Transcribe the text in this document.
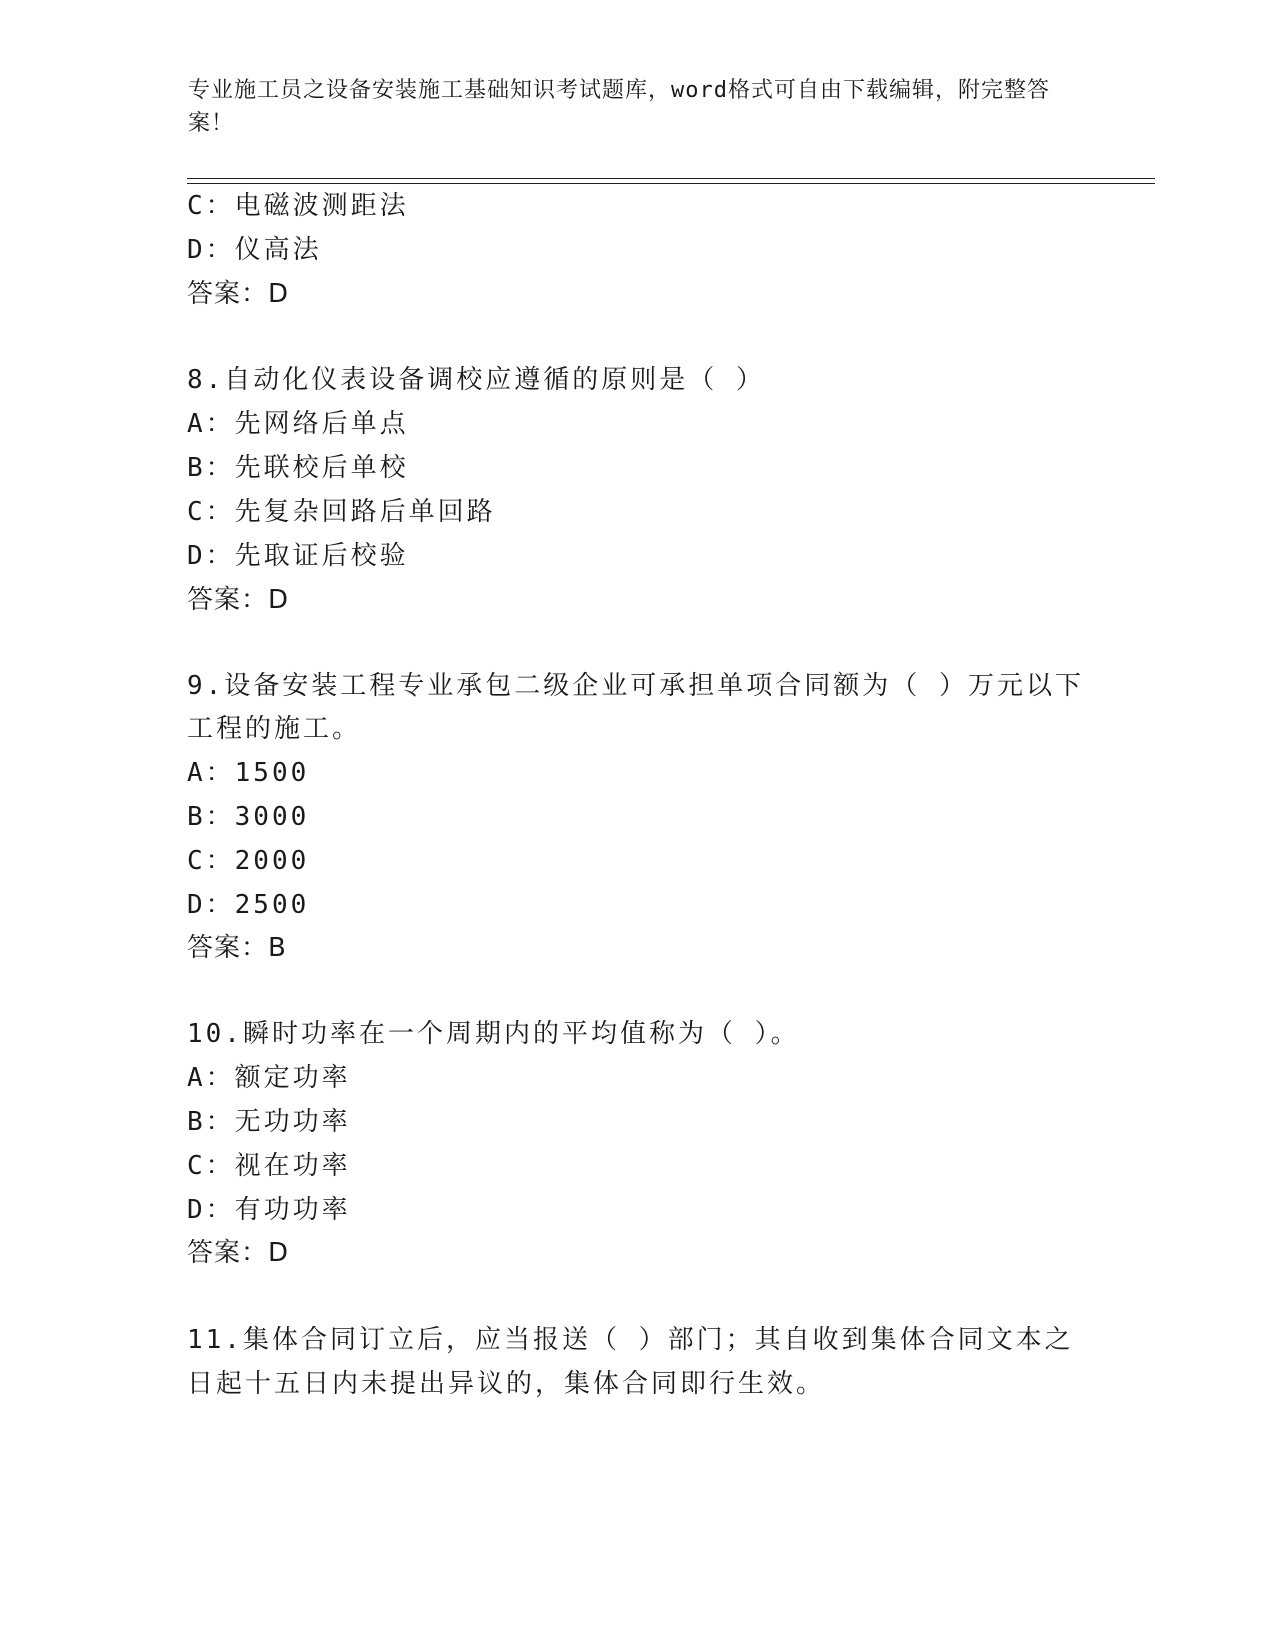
专业施工员之设备安装施工基础知识考试题库，word格式可自由下载编辑，附完整答案！
C：电磁波测距法
D：仪高法
答案：D
8.自动化仪表设备调校应遵循的原则是（ ）
A：先网络后单点
B：先联校后单校
C：先复杂回路后单回路
D：先取证后校验
答案：D
9.设备安装工程专业承包二级企业可承担单项合同额为（ ）万元以下
工程的施工。
A：1500
B：3000
C：2000
D：2500
答案：B
10.瞬时功率在一个周期内的平均值称为（ ）。
A：额定功率
B：无功功率
C：视在功率
D：有功功率
答案：D
11.集体合同订立后，应当报送（ ）部门；其自收到集体合同文本之
日起十五日内未提出异议的，集体合同即行生效。
